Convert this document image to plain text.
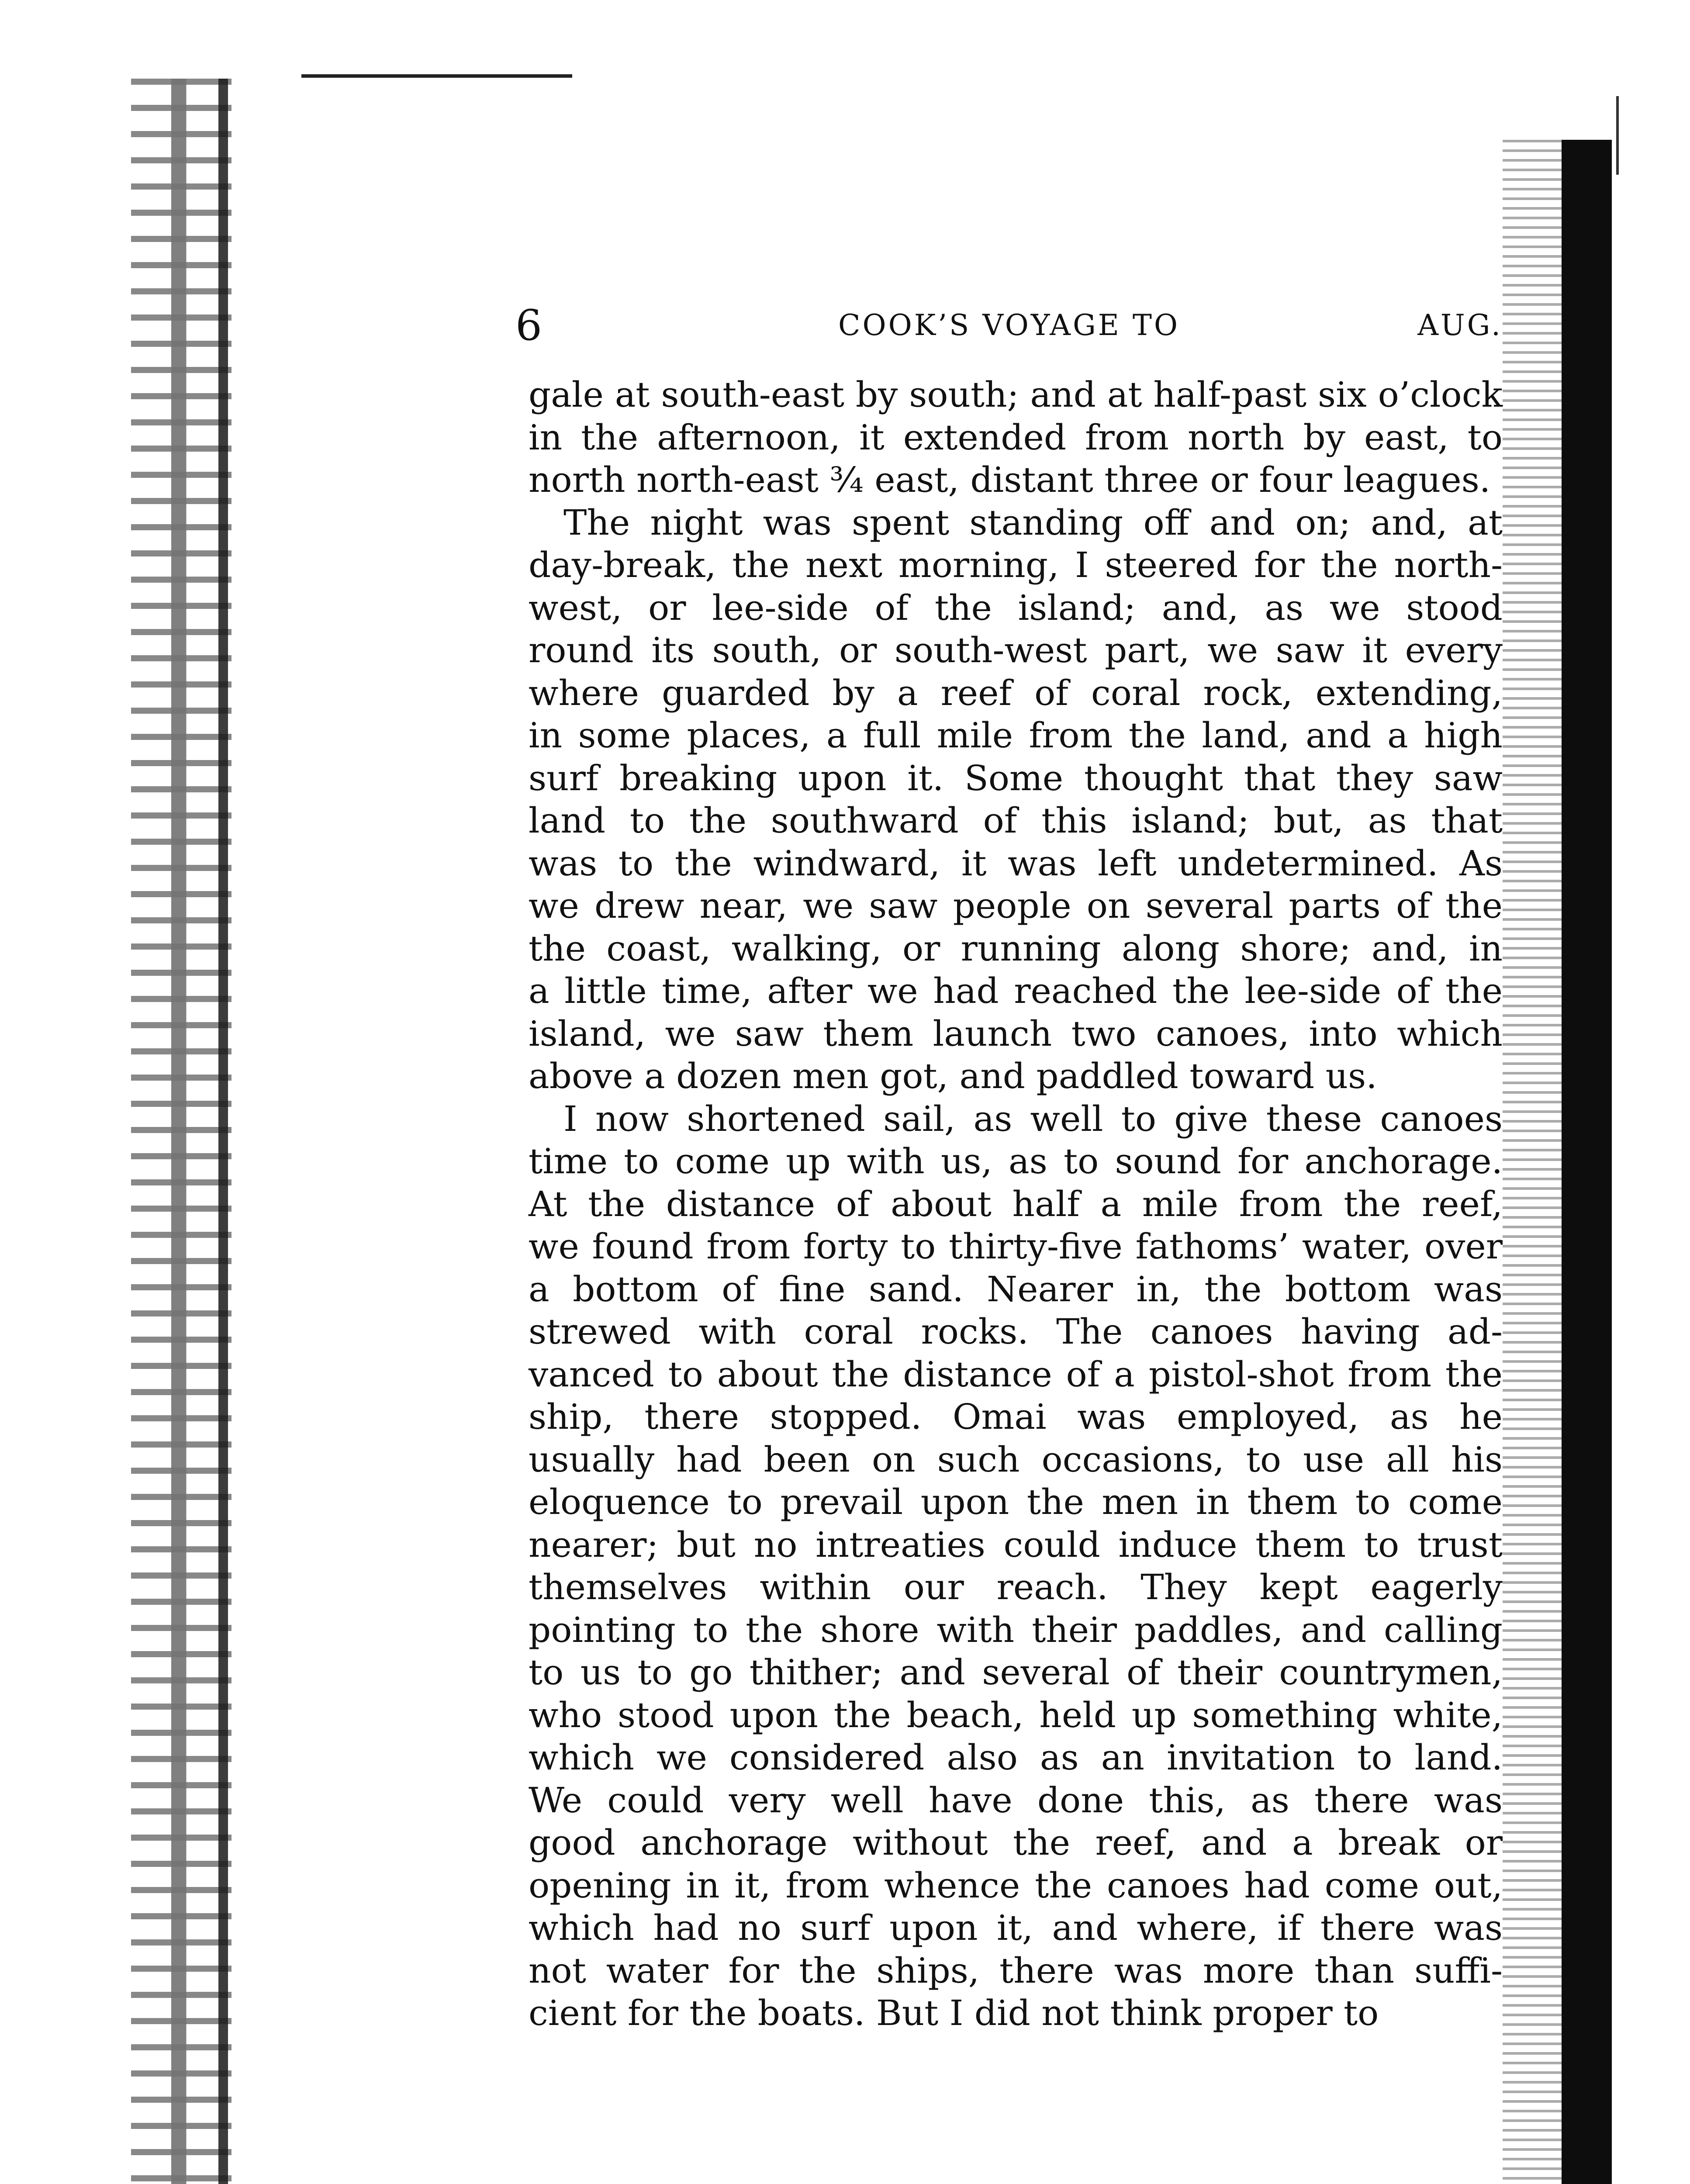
6	COOK’S VOYAGE TO	AUG.
gale at south-east by south; and at half-past six o’clock
in the afternoon, it extended from north by east, to
north north-east ¾ east, distant three or four leagues.
The night was spent standing off and on; and, at
day-break, the next morning, I steered for the north-
west, or lee-side of the island; and, as we stood
round its south, or south-west part, we saw it every
where guarded by a reef of coral rock, extending,
in some places, a full mile from the land, and a high
surf breaking upon it. Some thought that they saw
land to the southward of this island; but, as that
was to the windward, it was left undetermined. As
we drew near, we saw people on several parts of the
the coast, walking, or running along shore; and, in
a little time, after we had reached the lee-side of the
island, we saw them launch two canoes, into which
above a dozen men got, and paddled toward us.
I now shortened sail, as well to give these canoes
time to come up with us, as to sound for anchorage.
At the distance of about half a mile from the reef,
we found from forty to thirty-five fathoms’ water, over
a bottom of fine sand. Nearer in, the bottom was
strewed with coral rocks. The canoes having ad-
vanced to about the distance of a pistol-shot from the
ship, there stopped. Omai was employed, as he
usually had been on such occasions, to use all his
eloquence to prevail upon the men in them to come
nearer; but no intreaties could induce them to trust
themselves within our reach. They kept eagerly
pointing to the shore with their paddles, and calling
to us to go thither; and several of their countrymen,
who stood upon the beach, held up something white,
which we considered also as an invitation to land.
We could very well have done this, as there was
good anchorage without the reef, and a break or
opening in it, from whence the canoes had come out,
which had no surf upon it, and where, if there was
not water for the ships, there was more than suffi-
cient for the boats. But I did not think proper to
